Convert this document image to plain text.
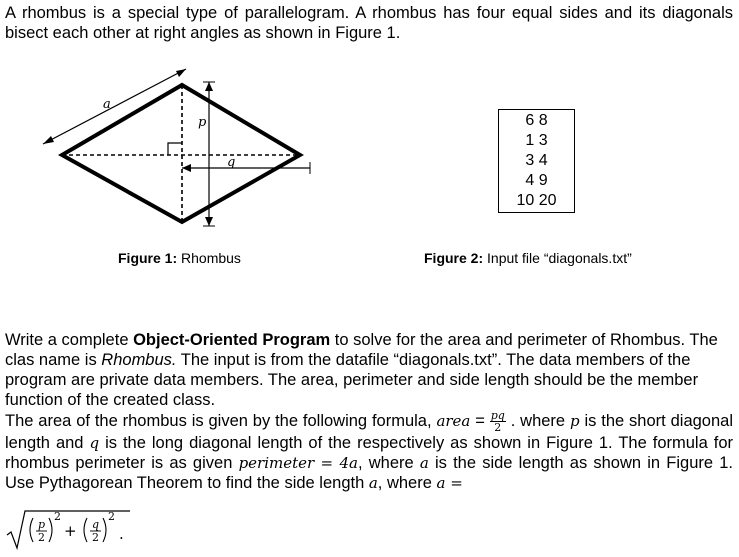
A rhombus is a special type of parallelogram. A rhombus has four equal sides and its diagonals bisect each other at right angles as shown in Figure 1.

a
p
q
6 8
1 3
3 4
4 9
10 20
Figure 1: Rhombus	Figure 2: Input file “diagonals.txt”
Write a complete Object-Oriented Program to solve for the area and perimeter of Rhombus. The clas name is Rhombus. The input is from the datafile “diagonals.txt”. The data members of the program are private data members. The area, perimeter and side length should be the member function of the created class.
The area of the rhombus is given by the following formula, area = $\frac{pq}{2}$ . where p is the short diagonal length and q is the long diagonal length of the respectively as shown in Figure 1. The formula for rhombus perimeter is as given perimeter = 4a, where a is the side length as shown in Figure 1. Use Pythagorean Theorem to find the side length a, where a =
p
2
2
+ q
2
2
.
